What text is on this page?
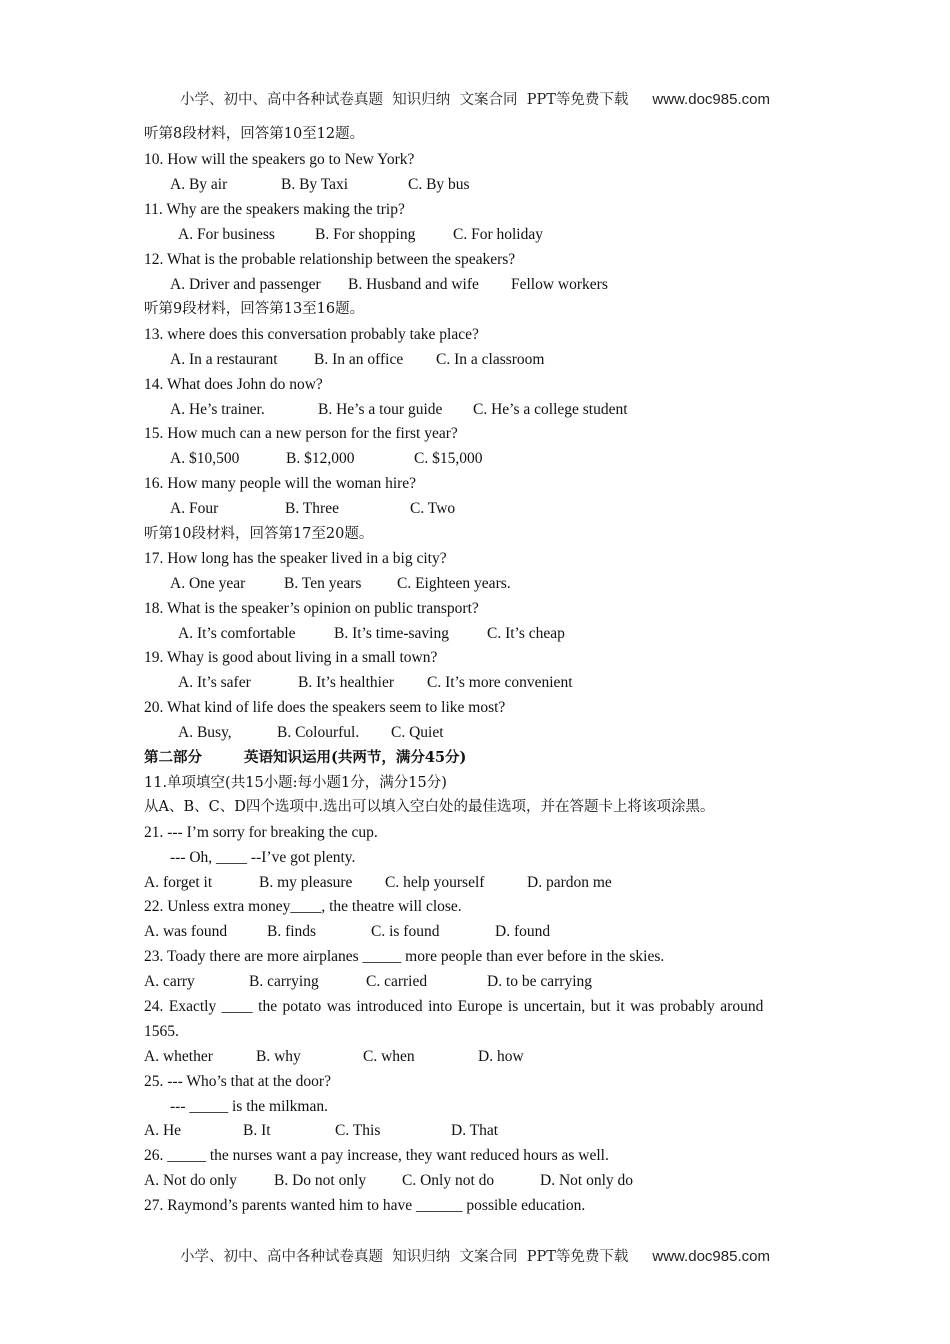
小学、初中、高中各种试卷真题  知识归纳  文案合同  PPT等免费下载 www.doc985.com
听第8段材料，回答第10至12题。
10. How will the speakers go to New York?
A. By air	B. By Taxi	C. By bus
11. Why are the speakers making the trip?
A. For business	B. For shopping C. For holiday
12. What is the probable relationship between the speakers?
A. Driver and passenger B. Husband and wife Fellow workers
听第9段材料，回答第13至16题。
13. where does this conversation probably take place?
A. In a restaurant B. In an office C. In a classroom
14. What does John do now?
A. He’s trainer.	B. He’s a tour guide C. He’s a college student
15. How much can a new person for the first year?
A. $10,500	B. $12,000	C. $15,000
16. How many people will the woman hire?
A. Four	B. Three	C. Two
听第10段材料，回答第17至20题。
17. How long has the speaker lived in a big city?
A. One year B. Ten years C. Eighteen years.
18. What is the speaker’s opinion on public transport?
A. It’s comfortable B. It’s time-saving C. It’s cheap
19. Whay is good about living in a small town?
A. It’s safer	B. It’s healthier C. It’s more convenient
20. What kind of life does the speakers seem to like most?
A. Busy,	B. Colourful. C. Quiet
第二部分	英语知识运用(共两节，满分45分)
11.单项填空(共15小题:每小题1分，满分15分)
从A、B、C、D四个选项中.选出可以填入空白处的最佳选项，并在答题卡上将该项涂黑。
21. --- I’m sorry for breaking the cup.
--- Oh, ____ --I’ve got plenty.
A. forget it	B. my pleasure C. help yourself	D. pardon me
22. Unless extra money____, the theatre will close.
A. was found	B. finds	C. is found	D. found
23. Toady there are more airplanes _____ more people than ever before in the skies.
A. carry	B. carrying	C. carried	D. to be carrying
24. Exactly ____ the potato was introduced into Europe is uncertain, but it was probably around
1565.
A. whether	B. why	C. when	D. how
25. --- Who’s that at the door?
--- _____ is the milkman.
A. He	B. It	C. This	D. That
26. _____ the nurses want a pay increase, they want reduced hours as well.
A. Not do only B. Do not only C. Only not do	D. Not only do
27. Raymond’s parents wanted him to have ______ possible education.
小学、初中、高中各种试卷真题  知识归纳  文案合同  PPT等免费下载 www.doc985.com
